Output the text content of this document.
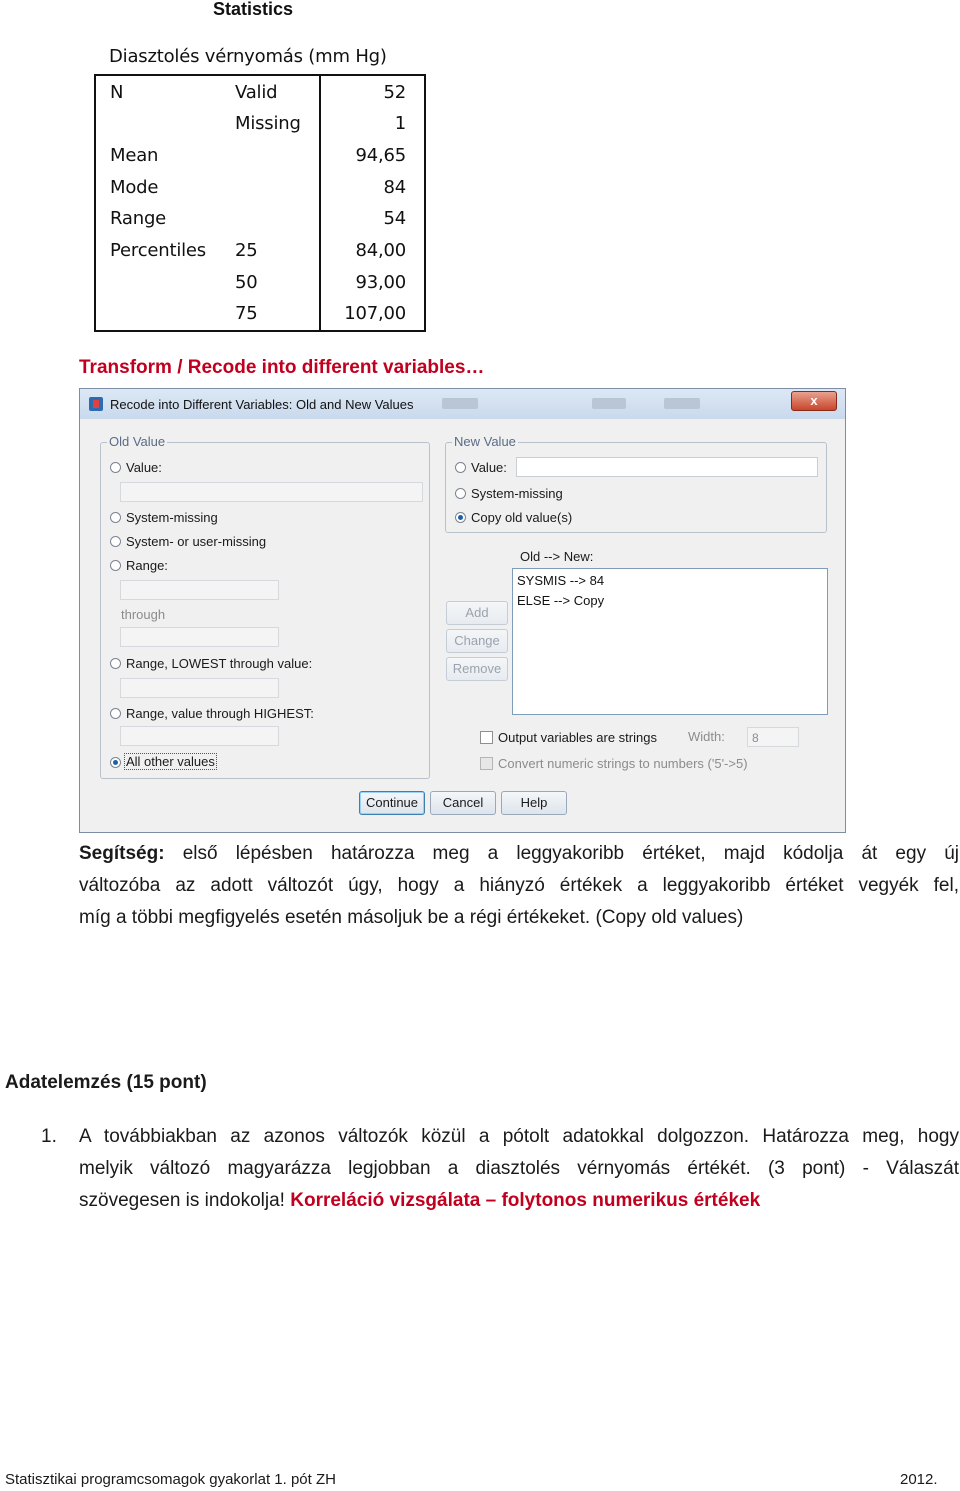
Statistics
Diasztolés vérnyomás (mm Hg)
N	Valid	52
Missing	1
Mean	94,65
Mode	84
Range	54
Percentiles 25	84,00
50	93,00
75	107,00
Transform / Recode into different variables…
Recode into Different Variables: Old and New Values	x
Old Value
Value:
System-missing
System- or user-missing
Range:
through
Range, LOWEST through value:
Range, value through HIGHEST:
All other values
New Value
Value:
System-missing
Copy old value(s)
Old --> New:
SYSMIS --> 84
ELSE --> Copy
Add
Change
Remove
Output variables are strings Width: 8
Convert numeric strings to numbers ('5'->5)
Continue	Cancel	Help
Segítség: első lépésben határozza meg a leggyakoribb értéket, majd kódolja át egy új
változóba az adott változót úgy, hogy a hiányzó értékek a leggyakoribb értéket vegyék fel,
míg a többi megfigyelés esetén másoljuk be a régi értékeket. (Copy old values)
Adatelemzés (15 pont)
1. A továbbiakban az azonos változók közül a pótolt adatokkal dolgozzon. Határozza meg, hogy
melyik változó magyarázza legjobban a diasztolés vérnyomás értékét. (3 pont) - Válaszát
szövegesen is indokolja! Korreláció vizsgálata – folytonos numerikus értékek
Statisztikai programcsomagok gyakorlat 1. pót ZH	2012.
